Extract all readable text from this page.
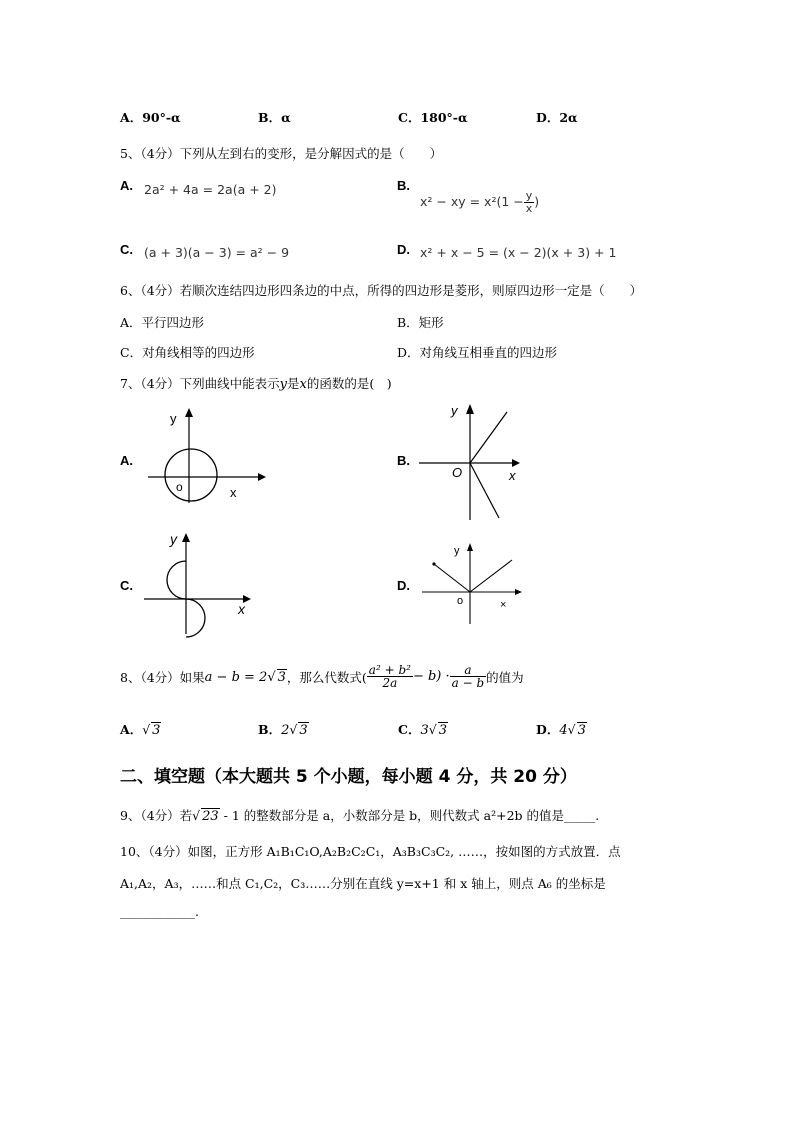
A．90°-α	B．α	C．180°-α	D．2α
5、（4分）下列从左到右的变形，是分解因式的是（　　）
A. 2a² + 4a = 2a(a + 2)	B.
x² − xy = $x^2(1 - \frac{y}{x}$ )
C. (a + 3)(a − 3) = a² − 9	D. x² + x − 5 = (x − 2)(x + 3) + 1
6、（4分）若顺次连结四边形四条边的中点，所得的四边形是菱形，则原四边形一定是（　　）
A．平行四边形	B．矩形
C．对角线相等的四边形	D．对角线互相垂直的四边形
7、（4分）下列曲线中能表示y是x的函数的是(　)
A.	B.
C.	D.
y
x
o
y
x
O
y
x
y
×
o
8、（4分）如果 a − b = 2√ 3 ，那么代数式( $\frac{\text{a² + b²}}{2a} - b) \cdot \frac{a}{a - b}$ 的值为
A．√ 3	B．2√ 3	C．3√ 3	D．4√ 3
二、填空题（本大题共 5 个小题，每小题 4 分，共 20 分）
9、（4分）若√ 23 - 1 的整数部分是 a，小数部分是 b，则代数式 a²+2b 的值是_____.
10、（4分）如图，正方形 A₁B₁C₁O,A₂B₂C₂C₁，A₃B₃C₃C₂, ……，按如图的方式放置．点
A₁,A₂，A₃，……和点 C₁,C₂，C₃……分别在直线 y=x+1 和 x 轴上，则点 A₆ 的坐标是
____________.
